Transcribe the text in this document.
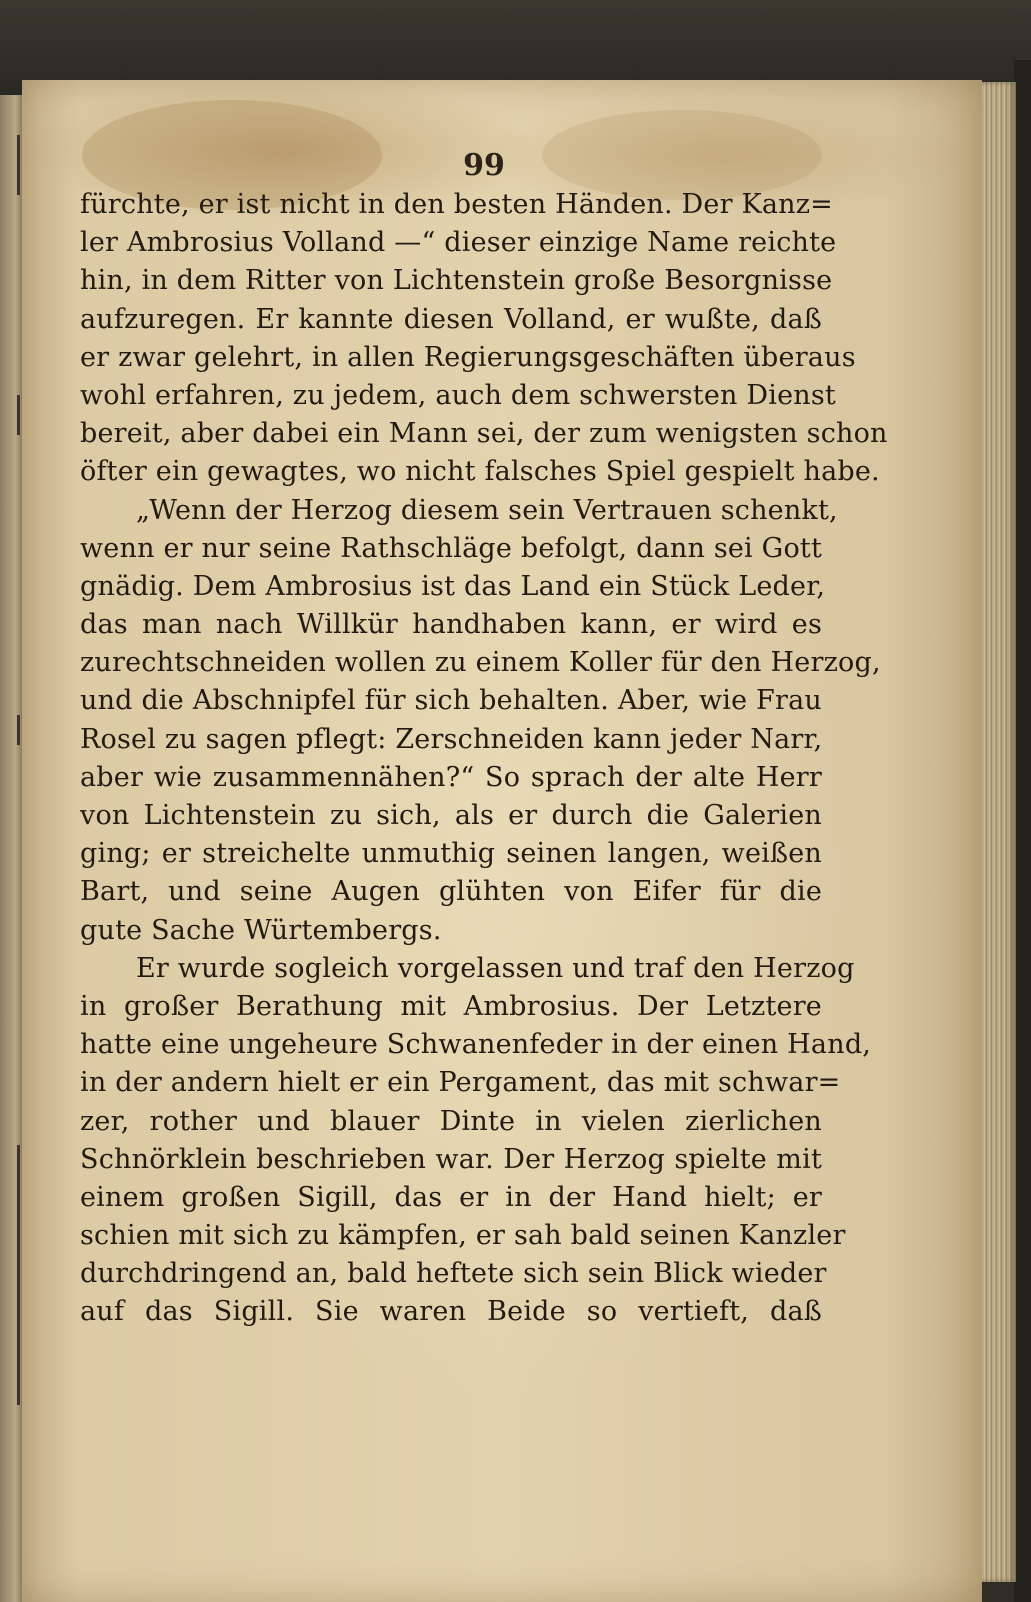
99
fürchte, er ist nicht in den besten Händen. Der Kanz=
ler Ambrosius Volland —“ dieser einzige Name reichte
hin, in dem Ritter von Lichtenstein große Besorgnisse
aufzuregen. Er kannte diesen Volland, er wußte, daß
er zwar gelehrt, in allen Regierungsgeschäften überaus
wohl erfahren, zu jedem, auch dem schwersten Dienst
bereit, aber dabei ein Mann sei, der zum wenigsten schon
öfter ein gewagtes, wo nicht falsches Spiel gespielt habe.
„Wenn der Herzog diesem sein Vertrauen schenkt,
wenn er nur seine Rathschläge befolgt, dann sei Gott
gnädig. Dem Ambrosius ist das Land ein Stück Leder,
das man nach Willkür handhaben kann, er wird es
zurechtschneiden wollen zu einem Koller für den Herzog,
und die Abschnipfel für sich behalten. Aber, wie Frau
Rosel zu sagen pflegt: Zerschneiden kann jeder Narr,
aber wie zusammennähen?“ So sprach der alte Herr
von Lichtenstein zu sich, als er durch die Galerien
ging; er streichelte unmuthig seinen langen, weißen
Bart, und seine Augen glühten von Eifer für die
gute Sache Würtembergs.
Er wurde sogleich vorgelassen und traf den Herzog
in großer Berathung mit Ambrosius. Der Letztere
hatte eine ungeheure Schwanenfeder in der einen Hand,
in der andern hielt er ein Pergament, das mit schwar=
zer, rother und blauer Dinte in vielen zierlichen
Schnörklein beschrieben war. Der Herzog spielte mit
einem großen Sigill, das er in der Hand hielt; er
schien mit sich zu kämpfen, er sah bald seinen Kanzler
durchdringend an, bald heftete sich sein Blick wieder
auf das Sigill. Sie waren Beide so vertieft, daß
